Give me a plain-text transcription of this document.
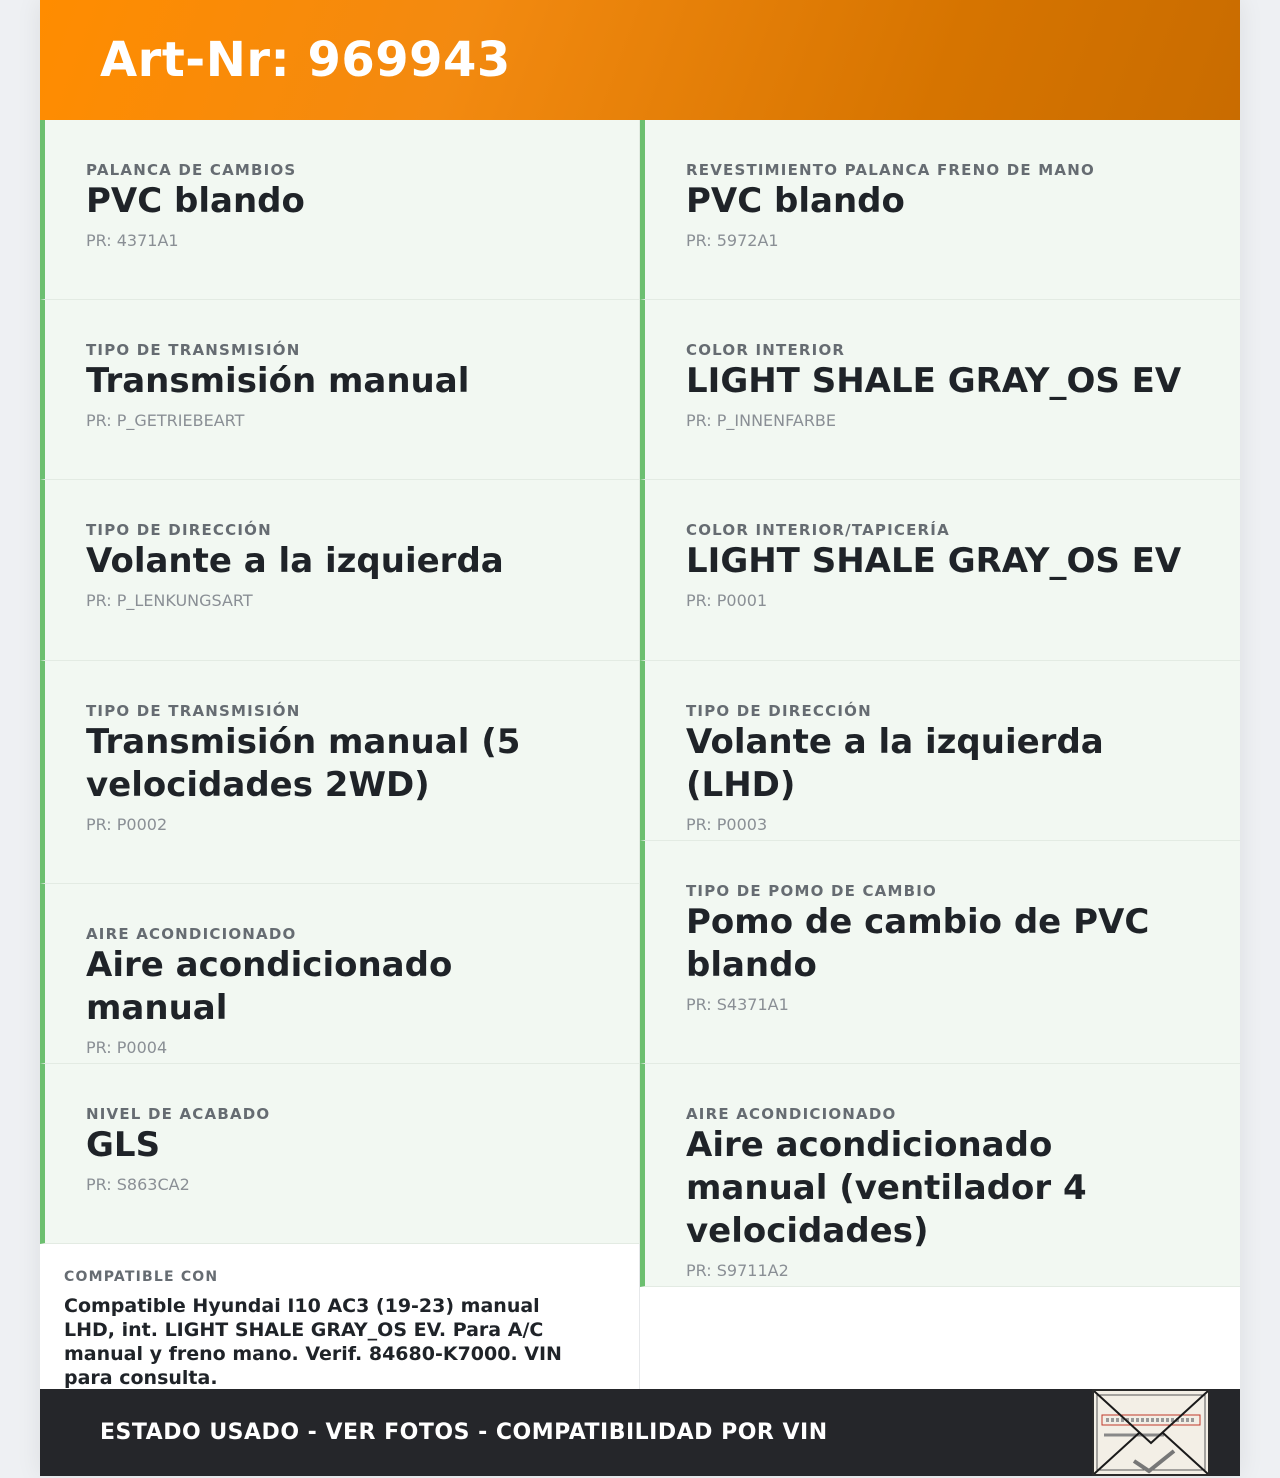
Art-Nr: 969943
PALANCA DE CAMBIOS
PVC blando
PR: 4371A1
TIPO DE TRANSMISIÓN
Transmisión manual
PR: P_GETRIEBEART
TIPO DE DIRECCIÓN
Volante a la izquierda
PR: P_LENKUNGSART
TIPO DE TRANSMISIÓN
Transmisión manual (5 velocidades 2WD)
PR: P0002
AIRE ACONDICIONADO
Aire acondicionado manual
PR: P0004
NIVEL DE ACABADO
GLS
PR: S863CA2
COMPATIBLE CON
Compatible Hyundai I10 AC3 (19-23) manual LHD, int. LIGHT SHALE GRAY_OS EV. Para A/C manual y freno mano. Verif. 84680-K7000. VIN para consulta.
REVESTIMIENTO PALANCA FRENO DE MANO
PVC blando
PR: 5972A1
COLOR INTERIOR
LIGHT SHALE GRAY_OS EV
PR: P_INNENFARBE
COLOR INTERIOR/TAPICERÍA
LIGHT SHALE GRAY_OS EV
PR: P0001
TIPO DE DIRECCIÓN
Volante a la izquierda (LHD)
PR: P0003
TIPO DE POMO DE CAMBIO
Pomo de cambio de PVC blando
PR: S4371A1
AIRE ACONDICIONADO
Aire acondicionado manual (ventilador 4 velocidades)
PR: S9711A2
ESTADO USADO - VER FOTOS - COMPATIBILIDAD POR VIN
